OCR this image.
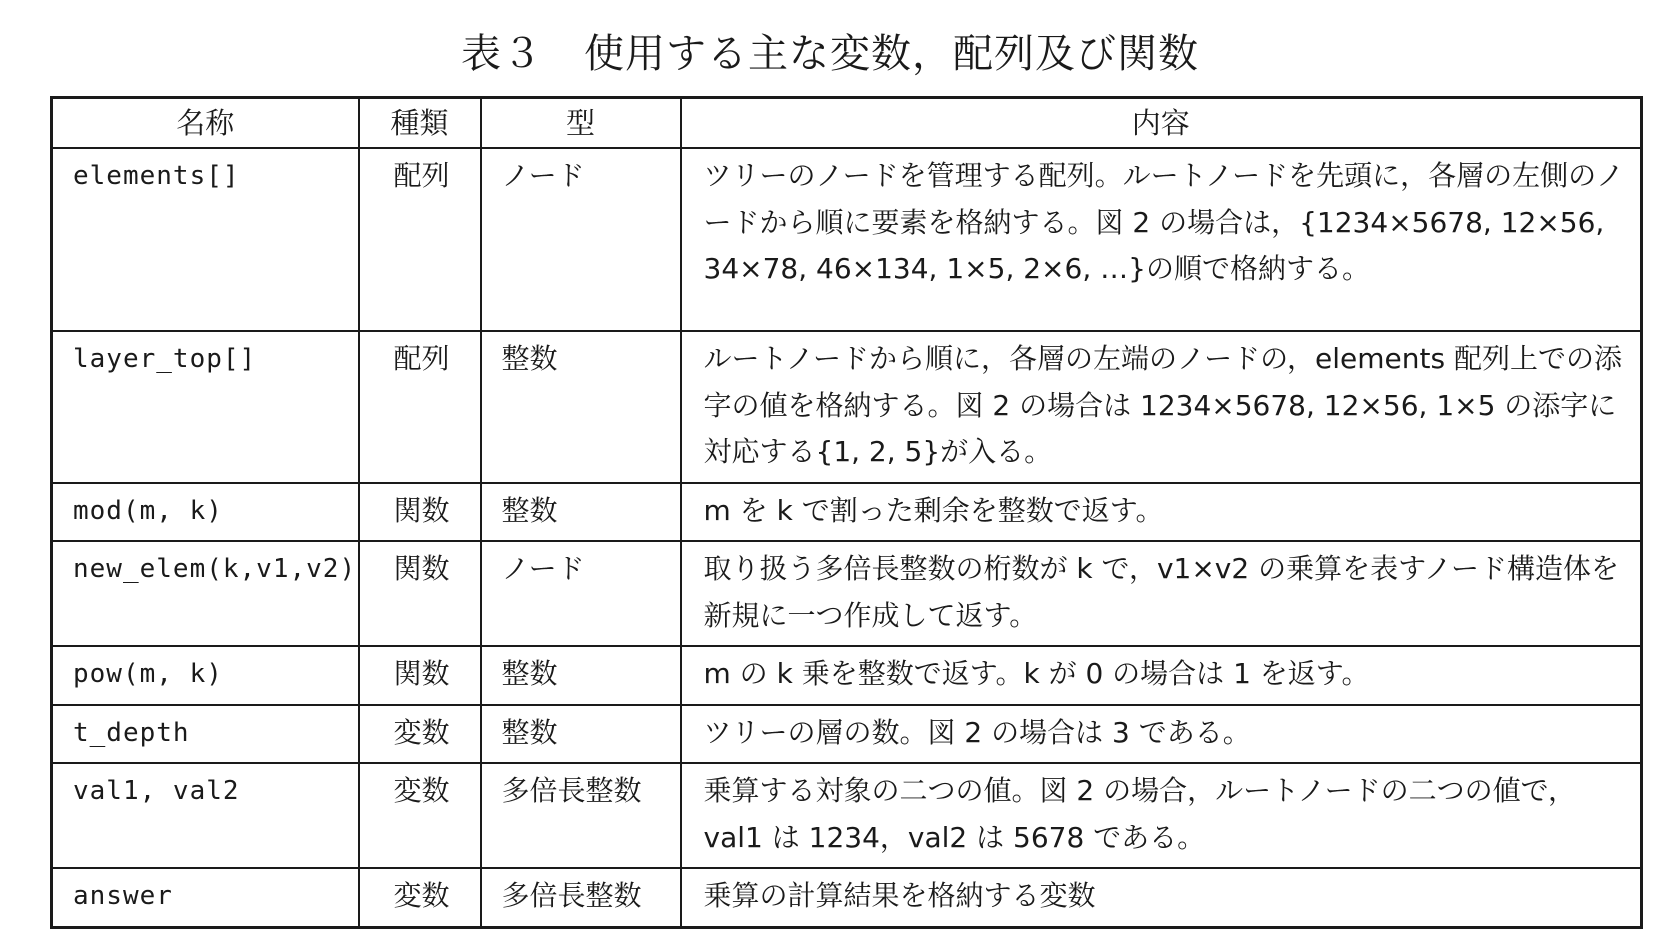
表３　使用する主な変数，配列及び関数
名称	種類	型	内容
elements[]	配列	ノード	ツリーのノードを管理する配列。ルートノードを先頭に，各層の左側のノードから順に要素を格納する。図 2 の場合は，{1234×5678, 12×56, 34×78, 46×134, 1×5, 2×6, …}の順で格納する。
layer_top[]	配列	整数	ルートノードから順に，各層の左端のノードの，elements 配列上での添字の値を格納する。図 2 の場合は 1234×5678, 12×56, 1×5 の添字に対応する{1, 2, 5}が入る。
mod(m, k)	関数	整数	m を k で割った剰余を整数で返す。
new_elem(k,v1,v2)	関数	ノード	取り扱う多倍長整数の桁数が k で，v1×v2 の乗算を表すノード構造体を新規に一つ作成して返す。
pow(m, k)	関数	整数	m の k 乗を整数で返す。k が 0 の場合は 1 を返す。
t_depth	変数	整数	ツリーの層の数。図 2 の場合は 3 である。
val1, val2	変数	多倍長整数	乗算する対象の二つの値。図 2 の場合，ルートノードの二つの値で，val1 は 1234，val2 は 5678 である。
answer	変数	多倍長整数	乗算の計算結果を格納する変数
